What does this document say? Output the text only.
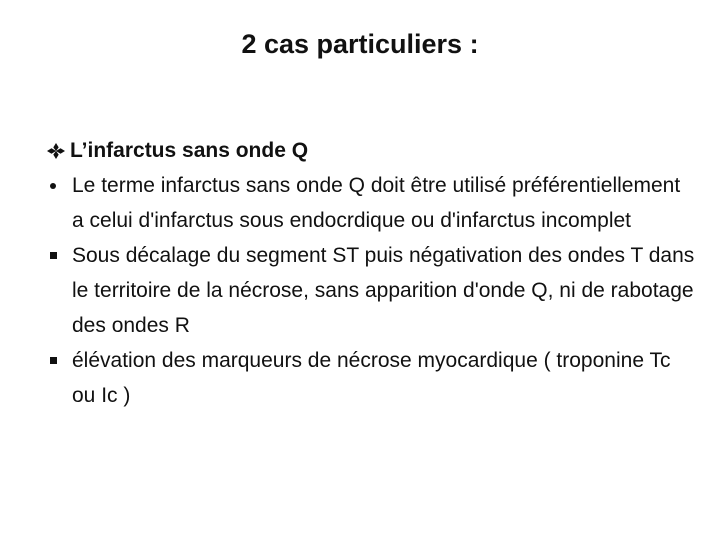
2 cas particuliers :
L’infarctus sans onde Q
Le terme infarctus sans onde Q doit être utilisé préférentiellement a celui d'infarctus sous endocrdique ou d'infarctus incomplet
Sous décalage du segment ST puis négativation des ondes T dans le territoire de la nécrose, sans apparition d'onde Q, ni de rabotage des ondes R
élévation des marqueurs de nécrose myocardique ( troponine Tc ou Ic )
